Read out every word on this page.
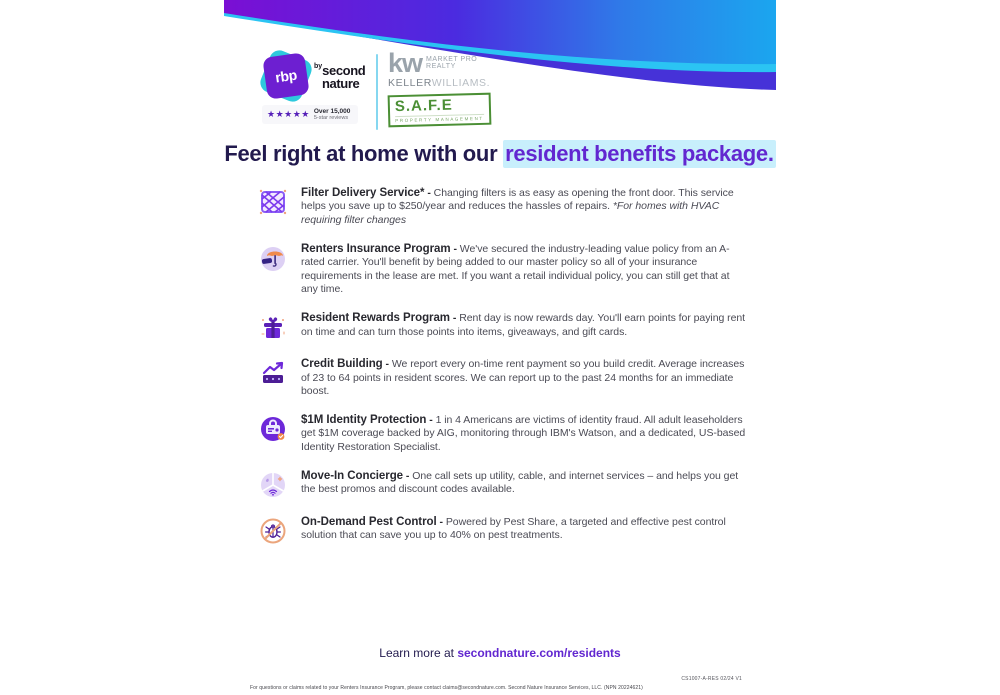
rbp
$^{by}$second
nature
★★★★★ Over 15,000
5-star reviews
kw MARKET PRO
REALTY
KELLERWILLIAMS.
S.A.F.E
PROPERTY MANAGEMENT
Feel right at home with our resident benefits package.

Filter Delivery Service* - Changing filters is as easy as opening the front door. This service helps you save up to $250/year and reduces the hassles of repairs. *For homes with HVAC requiring filter changes

Renters Insurance Program - We've secured the industry-leading value policy from an A-rated carrier. You'll benefit by being added to our master policy so all of your insurance requirements in the lease are met. If you want a retail individual policy, you can still get that at any time.

Resident Rewards Program - Rent day is now rewards day. You'll earn points for paying rent on time and can turn those points into items, giveaways, and gift cards.

Credit Building - We report every on-time rent payment so you build credit. Average increases of 23 to 64 points in resident scores. We can report up to the past 24 months for an immediate boost.

$1M Identity Protection - 1 in 4 Americans are victims of identity fraud. All adult leaseholders get $1M coverage backed by AIG, monitoring through IBM's Watson, and a dedicated, US-based Identity Restoration Specialist.

Move-In Concierge - One call sets up utility, cable, and internet services – and helps you get the best promos and discount codes available.

On-Demand Pest Control - Powered by Pest Share, a targeted and effective pest control solution that can save you up to 40% on pest treatments.

Learn more at secondnature.com/residents
CS1007-A-RES 02/24 V1
For questions or claims related to your Renters Insurance Program, please contact claims@secondnature.com. Second Nature Insurance Services, LLC. (NPN 20224621)
